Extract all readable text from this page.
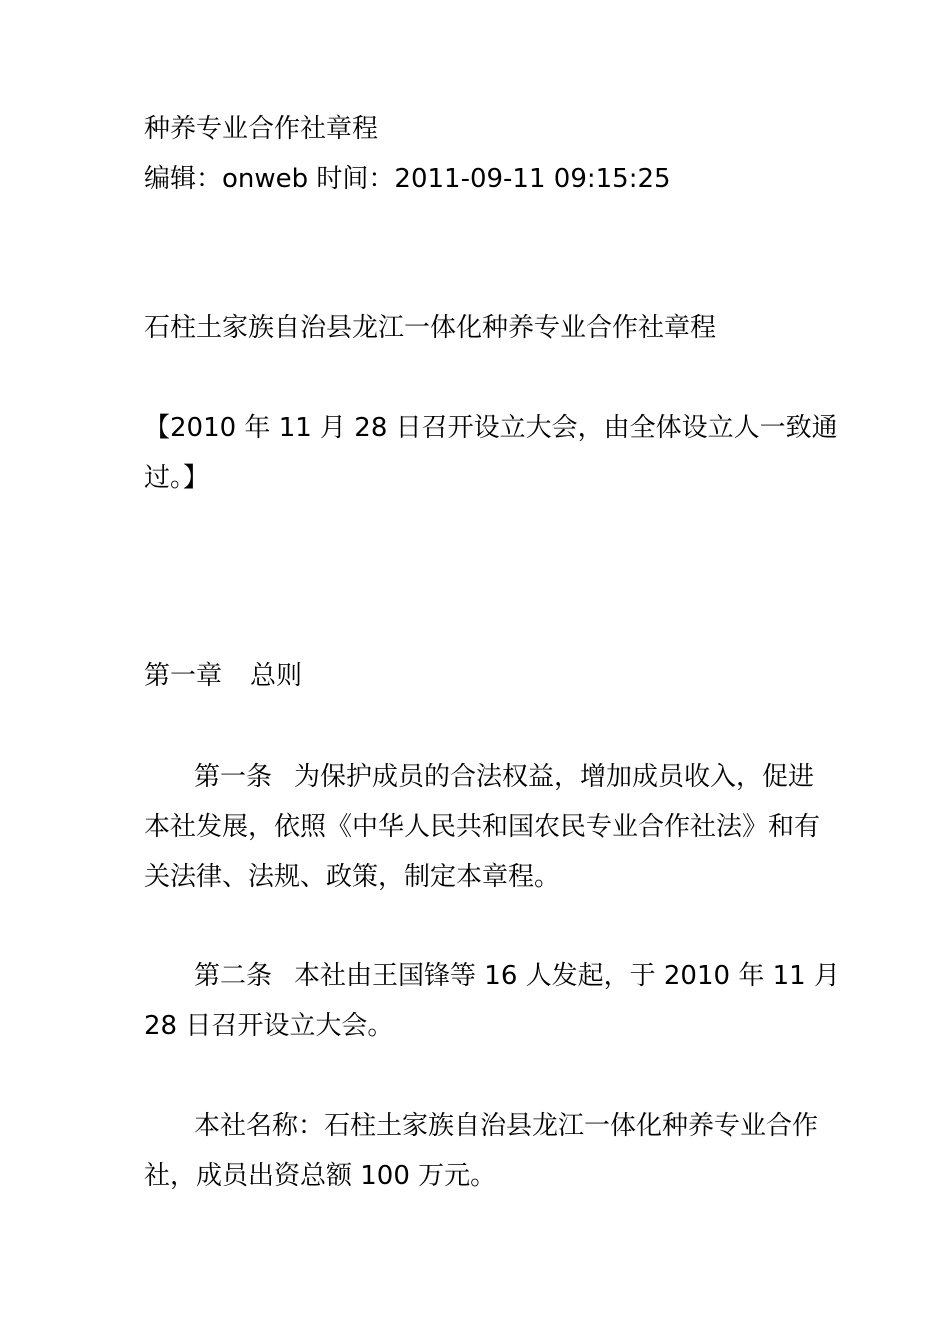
种养专业合作社章程
编辑：onweb 时间：2011-09-11 09:15:25
石柱土家族自治县龙江一体化种养专业合作社章程
【2010 年 11 月 28 日召开设立大会，由全体设立人一致通
过。】
第一章 总则
第一条 为保护成员的合法权益，增加成员收入，促进
本社发展，依照《中华人民共和国农民专业合作社法》和有
关法律、法规、政策，制定本章程。
第二条 本社由王国锋等 16 人发起，于 2010 年 11 月
28 日召开设立大会。
本社名称：石柱土家族自治县龙江一体化种养专业合作
社，成员出资总额 100 万元。
